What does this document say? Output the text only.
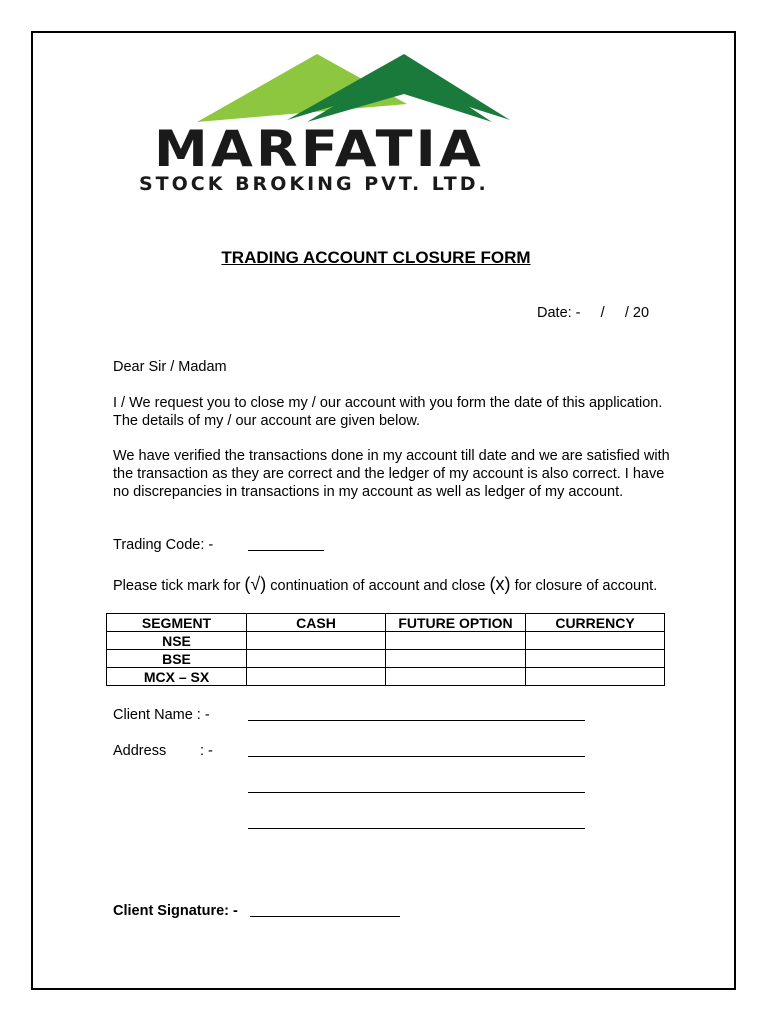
MARFATIA
STOCK BROKING PVT. LTD.
TRADING ACCOUNT CLOSURE FORM
Date: -     /     / 20
Dear Sir / Madam
I / We request you to close my / our account with you form the date of this application. The details of my / our account are given below.
We have verified the transactions done in my account till date and we are satisfied with the transaction as they are correct and the ledger of my account is also correct. I have no discrepancies in transactions in my account as well as ledger of my account.
Trading Code: -
Please tick mark for (√) continuation of account and close (x) for closure of account.
SEGMENT	CASH	FUTURE OPTION	CURRENCY
NSE			
BSE			
MCX – SX			
Client Name : -
Address : -
Client Signature: -
